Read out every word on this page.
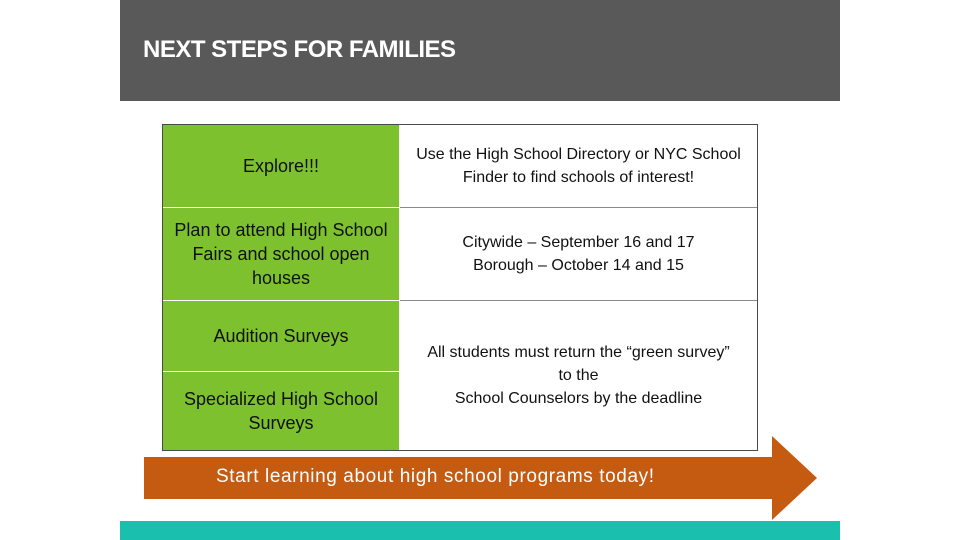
NEXT STEPS FOR FAMILIES
Explore!!!
Use the High School Directory or NYC School Finder to find schools of interest!
Plan to attend High School Fairs and school open houses
Citywide – September 16 and 17
Borough – October 14 and 15
Audition Surveys
Specialized High School Surveys
All students must return the “green survey” to the
School Counselors by the deadline
Start learning about high school programs today!
